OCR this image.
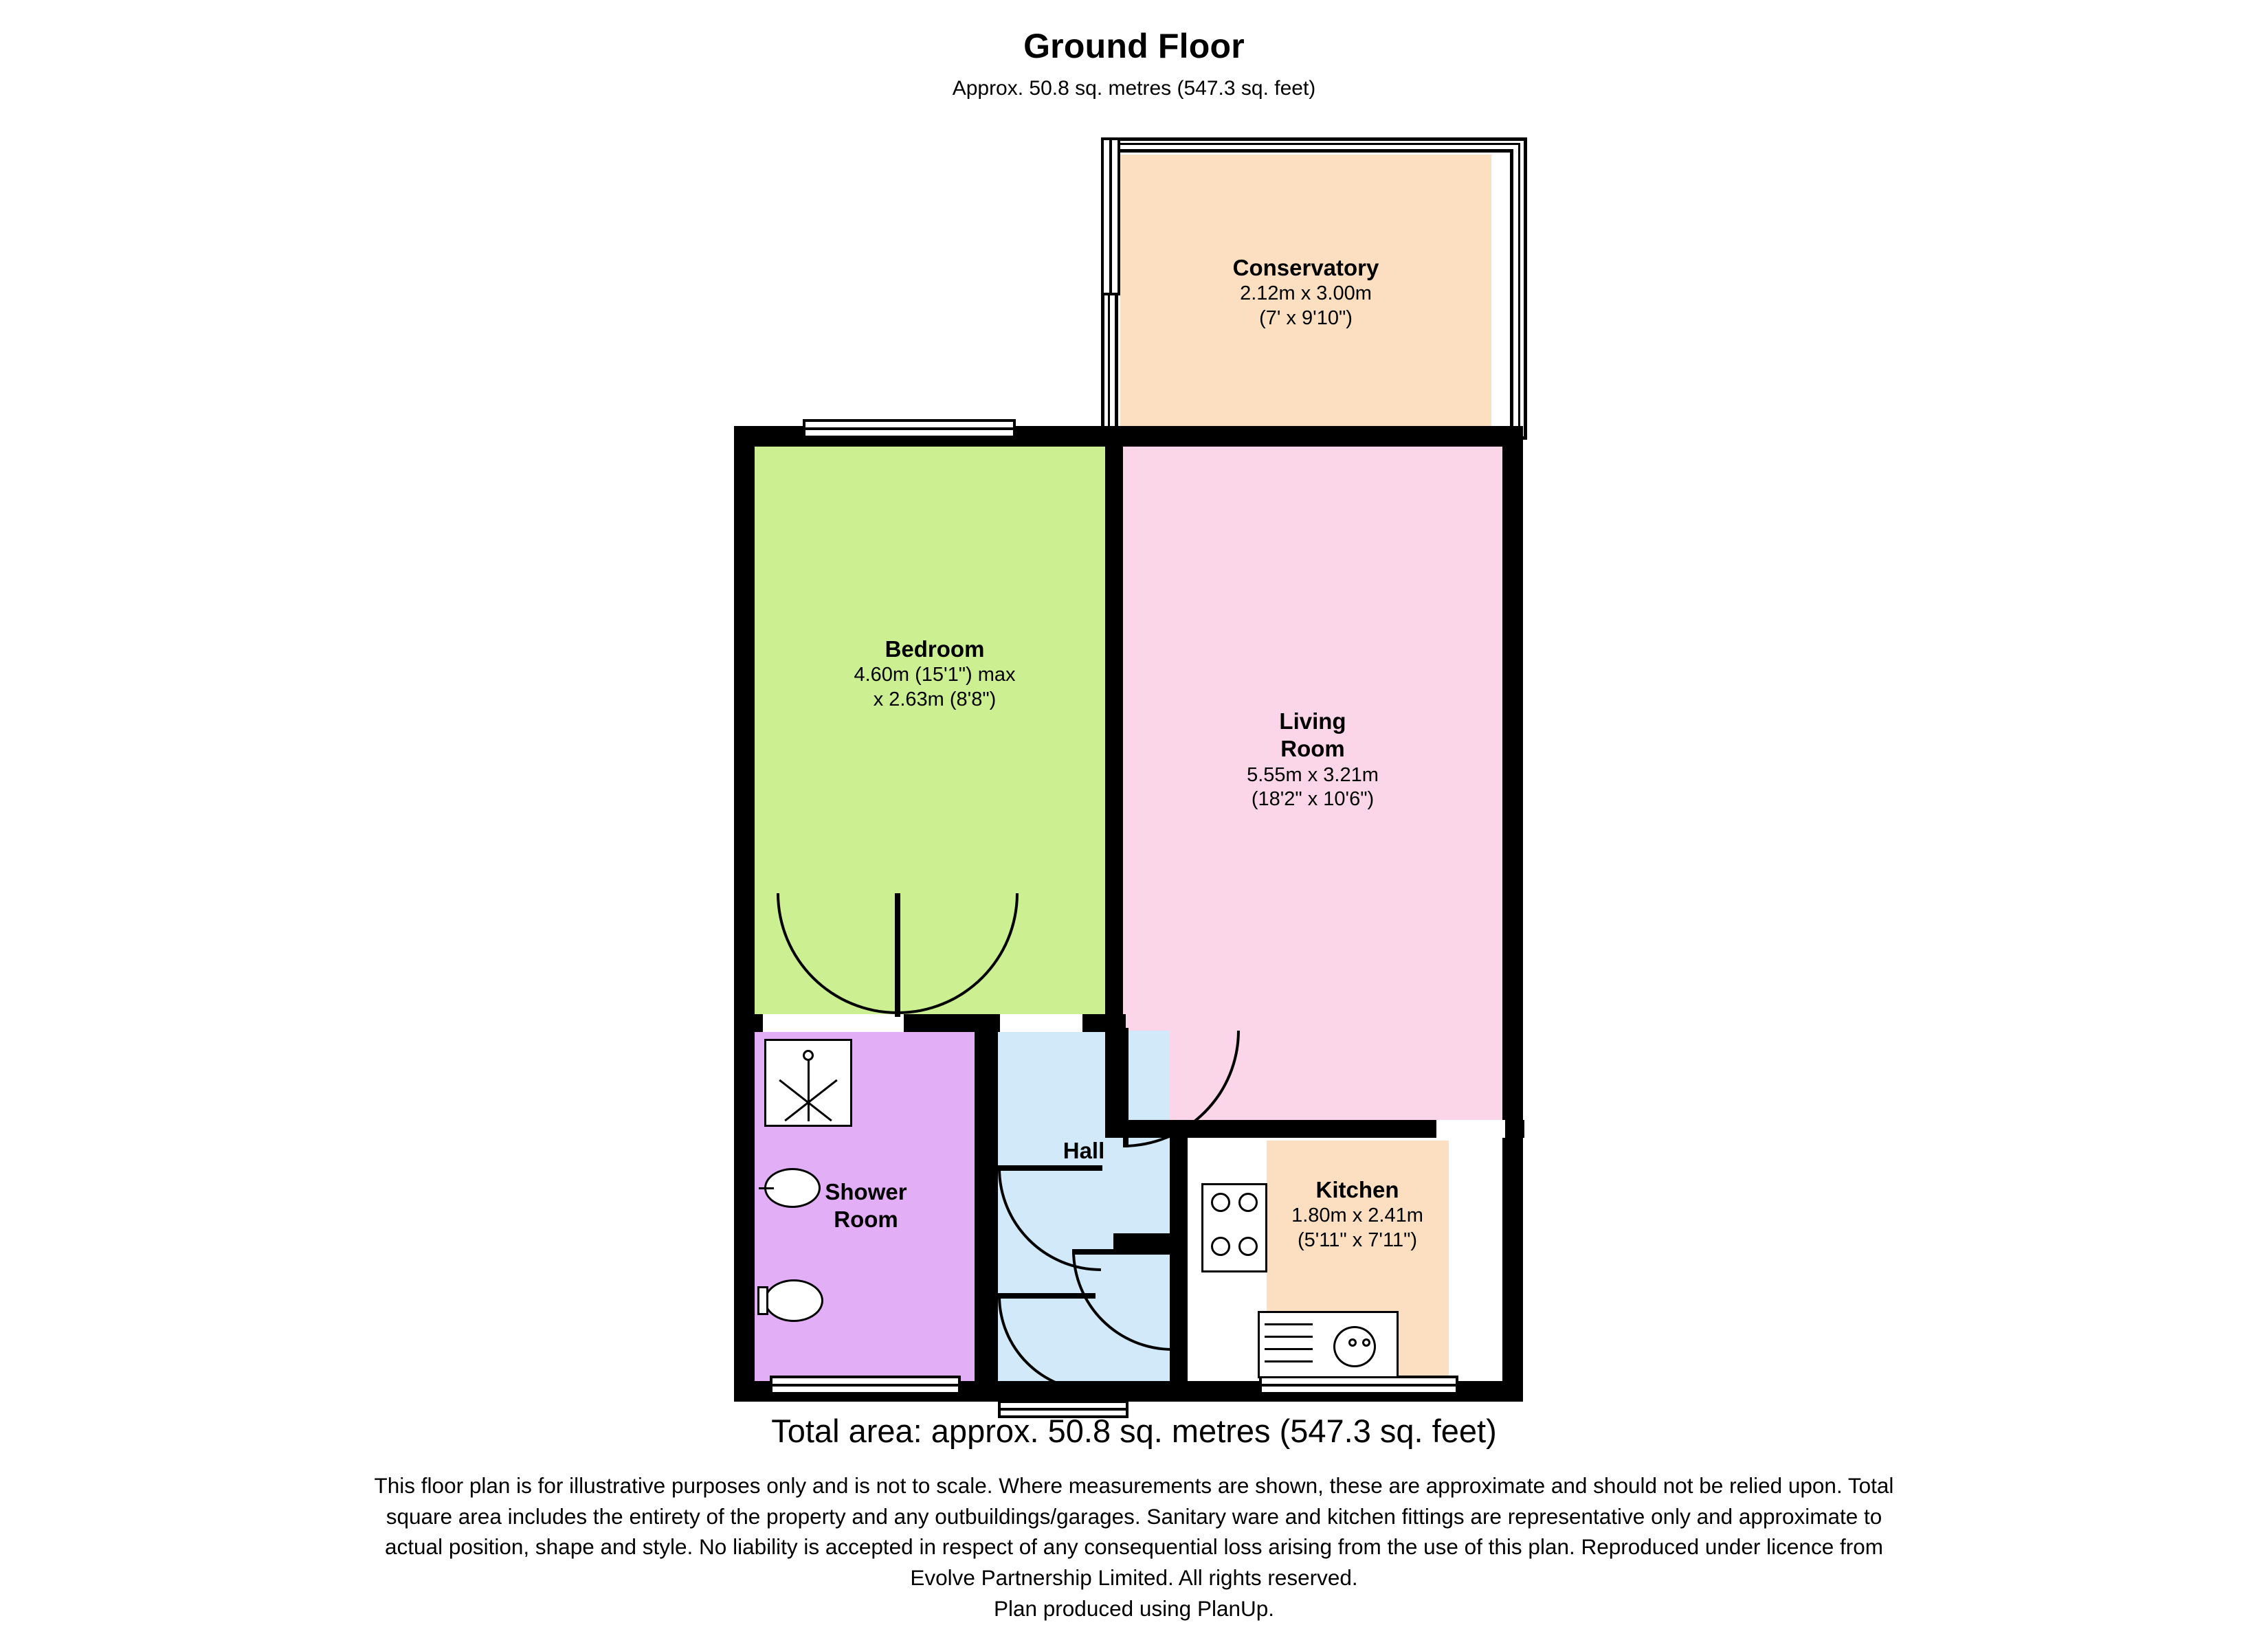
Ground Floor
Approx. 50.8 sq. metres (547.3 sq. feet)
Conservatory
2.12m x 3.00m
(7' x 9'10")
Bedroom
4.60m (15'1") max
x 2.63m (8'8")
Living
Room
5.55m x 3.21m
(18'2" x 10'6")
Shower
Room
Hall
Kitchen
1.80m x 2.41m
(5'11" x 7'11")
Total area: approx. 50.8 sq. metres (547.3 sq. feet)
This floor plan is for illustrative purposes only and is not to scale. Where measurements are shown, these are approximate and should not be relied upon. Total
square area includes the entirety of the property and any outbuildings/garages. Sanitary ware and kitchen fittings are representative only and approximate to
actual position, shape and style. No liability is accepted in respect of any consequential loss arising from the use of this plan. Reproduced under licence from
Evolve Partnership Limited. All rights reserved.
Plan produced using PlanUp.
